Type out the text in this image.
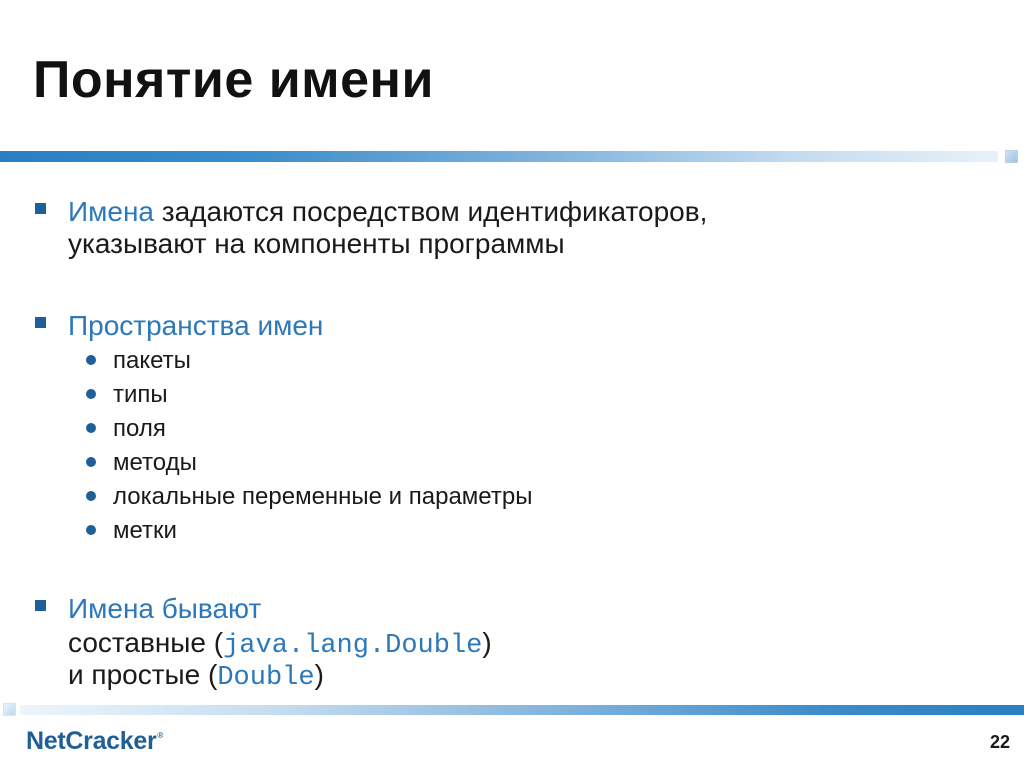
Понятие имени
Имена задаются посредством идентификаторов,
указывают на компоненты программы
Пространства имен
пакеты
типы
поля
методы
локальные переменные и параметры
метки
Имена бывают
составные (java.lang.Double)
и простые (Double)
NetCracker®	22
